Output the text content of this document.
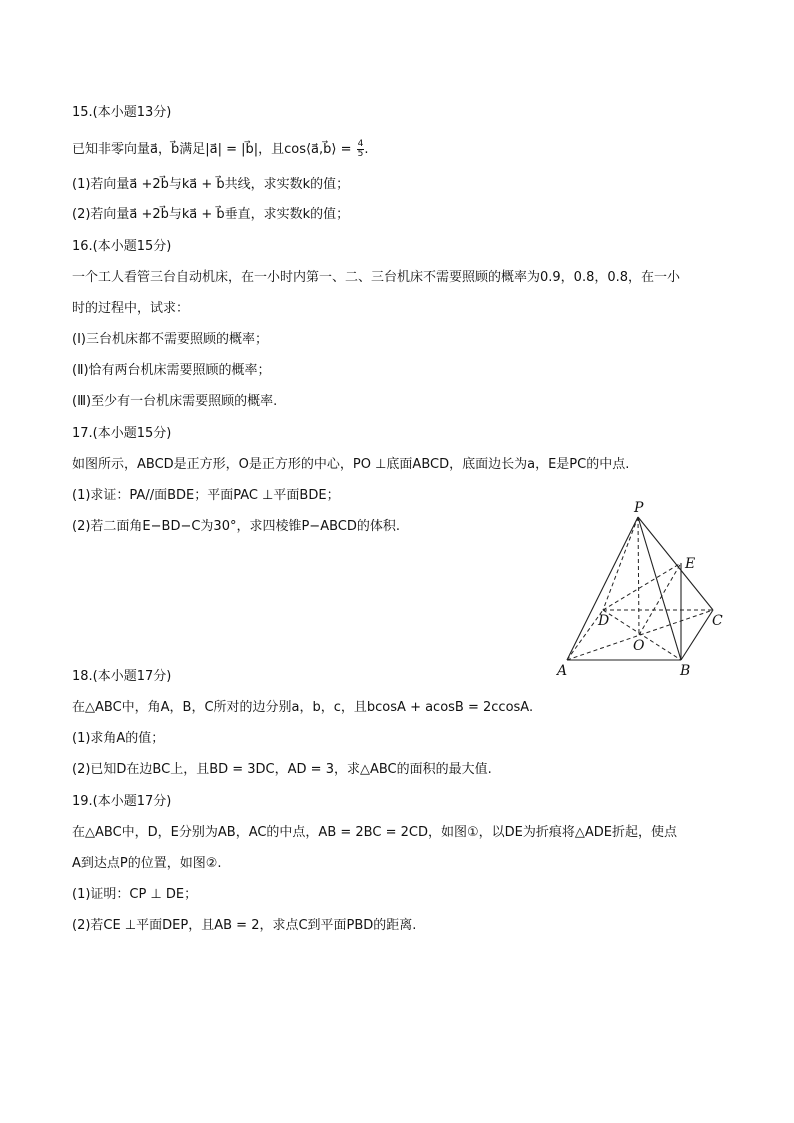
15.(本小题13分)
已知非零向量a⃗，b⃗满足|a⃗| = |b⃗|，且cos⟨a⃗,b⃗⟩ = $\frac{4}{5}$ .
(1)若向量a⃗ +2b⃗与ka⃗ + b⃗共线，求实数k的值；
(2)若向量a⃗ +2b⃗与ka⃗ + b⃗垂直，求实数k的值；
16.(本小题15分)
一个工人看管三台自动机床，在一小时内第一、二、三台机床不需要照顾的概率为0.9，0.8，0.8，在一小
时的过程中，试求：
(Ⅰ)三台机床都不需要照顾的概率；
(Ⅱ)恰有两台机床需要照顾的概率；
(Ⅲ)至少有一台机床需要照顾的概率.
17.(本小题15分)
如图所示，ABCD是正方形，O是正方形的中心，PO ⊥底面ABCD，底面边长为a，E是PC的中点.
(1)求证：PA//面BDE；平面PAC ⊥平面BDE；
(2)若二面角E−BD−C为30°，求四棱锥P−ABCD的体积.
18.(本小题17分)
在△ABC中，角A，B，C所对的边分别a，b，c，且bcosA + acosB = 2ccosA.
(1)求角A的值；
(2)已知D在边BC上，且BD = 3DC，AD = 3，求△ABC的面积的最大值.
19.(本小题17分)
在△ABC中，D，E分别为AB，AC的中点，AB = 2BC = 2CD，如图①，以DE为折痕将△ADE折起，使点
A到达点P的位置，如图②.
(1)证明：CP ⊥ DE；
(2)若CE ⊥平面DEP，且AB = 2，求点C到平面PBD的距离.
P
E
D	C
O
A	B
